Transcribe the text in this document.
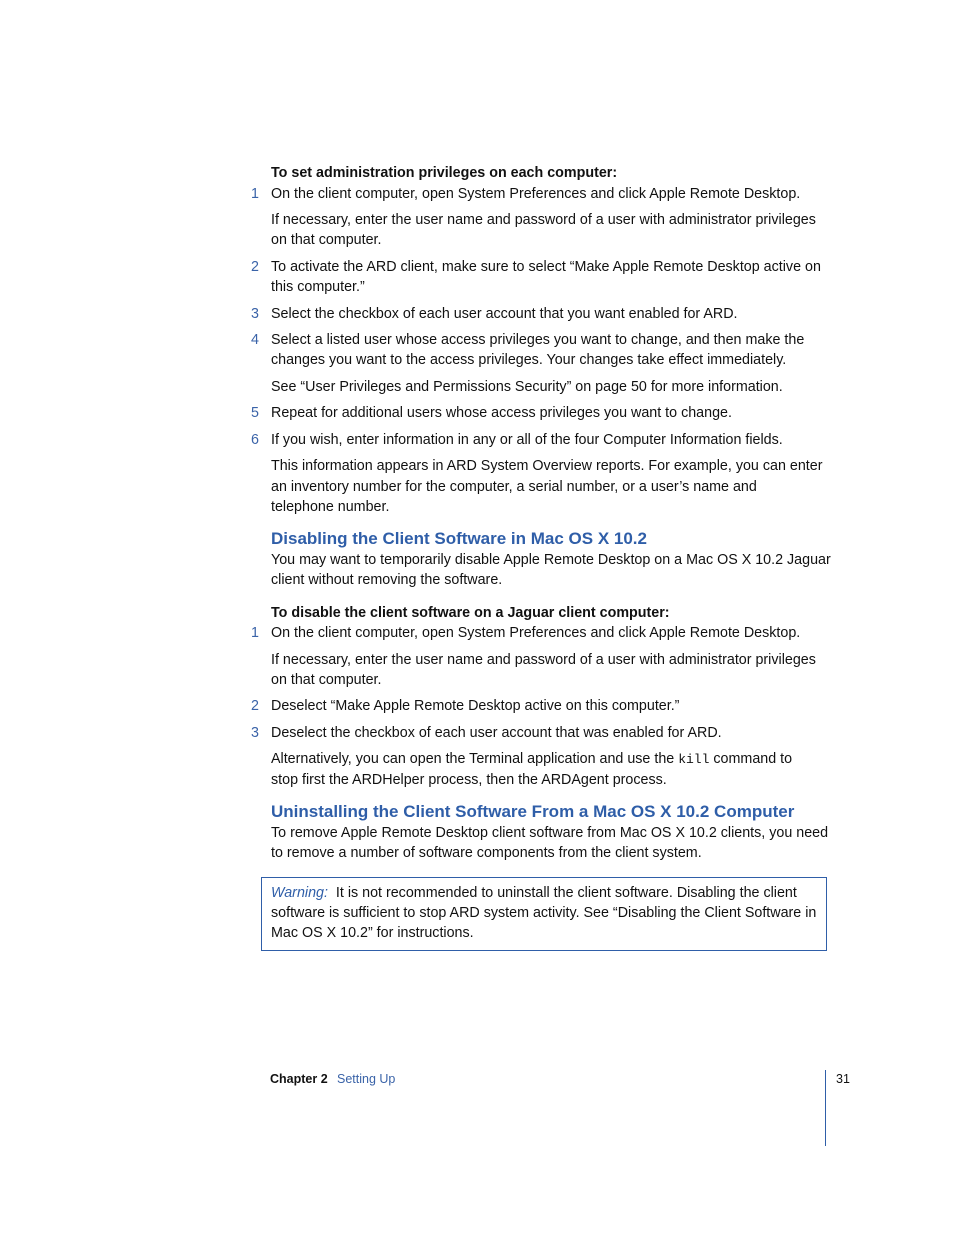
To set administration privileges on each computer:

1 On the client computer, open System Preferences and click Apple Remote Desktop.

If necessary, enter the user name and password of a user with administrator privileges

on that computer.

2 To activate the ARD client, make sure to select “Make Apple Remote Desktop active on

this computer.”

3 Select the checkbox of each user account that you want enabled for ARD.

4 Select a listed user whose access privileges you want to change, and then make the

changes you want to the access privileges. Your changes take effect immediately.

See “User Privileges and Permissions Security” on page 50 for more information.

5 Repeat for additional users whose access privileges you want to change.

6 If you wish, enter information in any or all of the four Computer Information fields.

This information appears in ARD System Overview reports. For example, you can enter

an inventory number for the computer, a serial number, or a user’s name and

telephone number.

Disabling the Client Software in Mac OS X 10.2

You may want to temporarily disable Apple Remote Desktop on a Mac OS X 10.2 Jaguar

client without removing the software.

To disable the client software on a Jaguar client computer:

1 On the client computer, open System Preferences and click Apple Remote Desktop.

If necessary, enter the user name and password of a user with administrator privileges

on that computer.

2 Deselect “Make Apple Remote Desktop active on this computer.”

3 Deselect the checkbox of each user account that was enabled for ARD.

Alternatively, you can open the Terminal application and use the kill command to

stop first the ARDHelper process, then the ARDAgent process.

Uninstalling the Client Software From a Mac OS X 10.2 Computer

To remove Apple Remote Desktop client software from Mac OS X 10.2 clients, you need

to remove a number of software components from the client system.

Warning: It is not recommended to uninstall the client software. Disabling the client

software is sufficient to stop ARD system activity. See “Disabling the Client Software in

Mac OS X 10.2” for instructions.

Chapter 2 Setting Up	31
